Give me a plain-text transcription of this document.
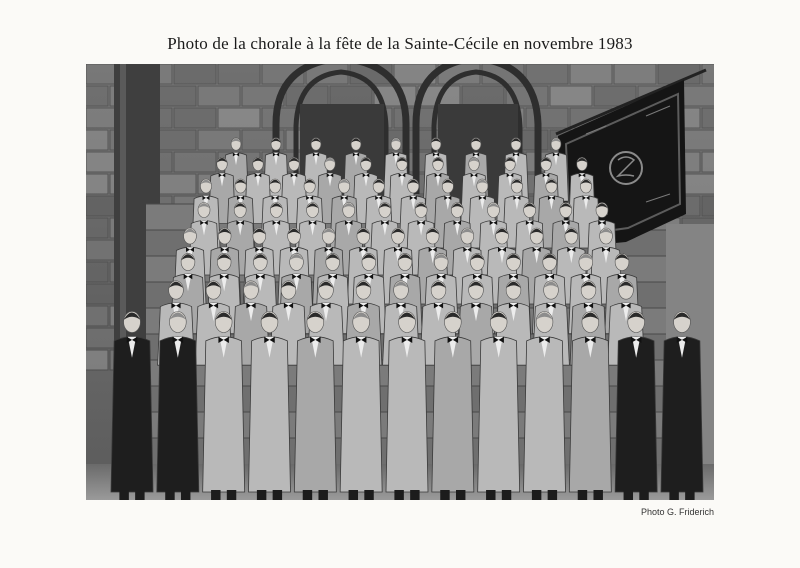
Photo de la chorale à la fête de la Sainte-Cécile en novembre 1983
Photo G. Friderich
